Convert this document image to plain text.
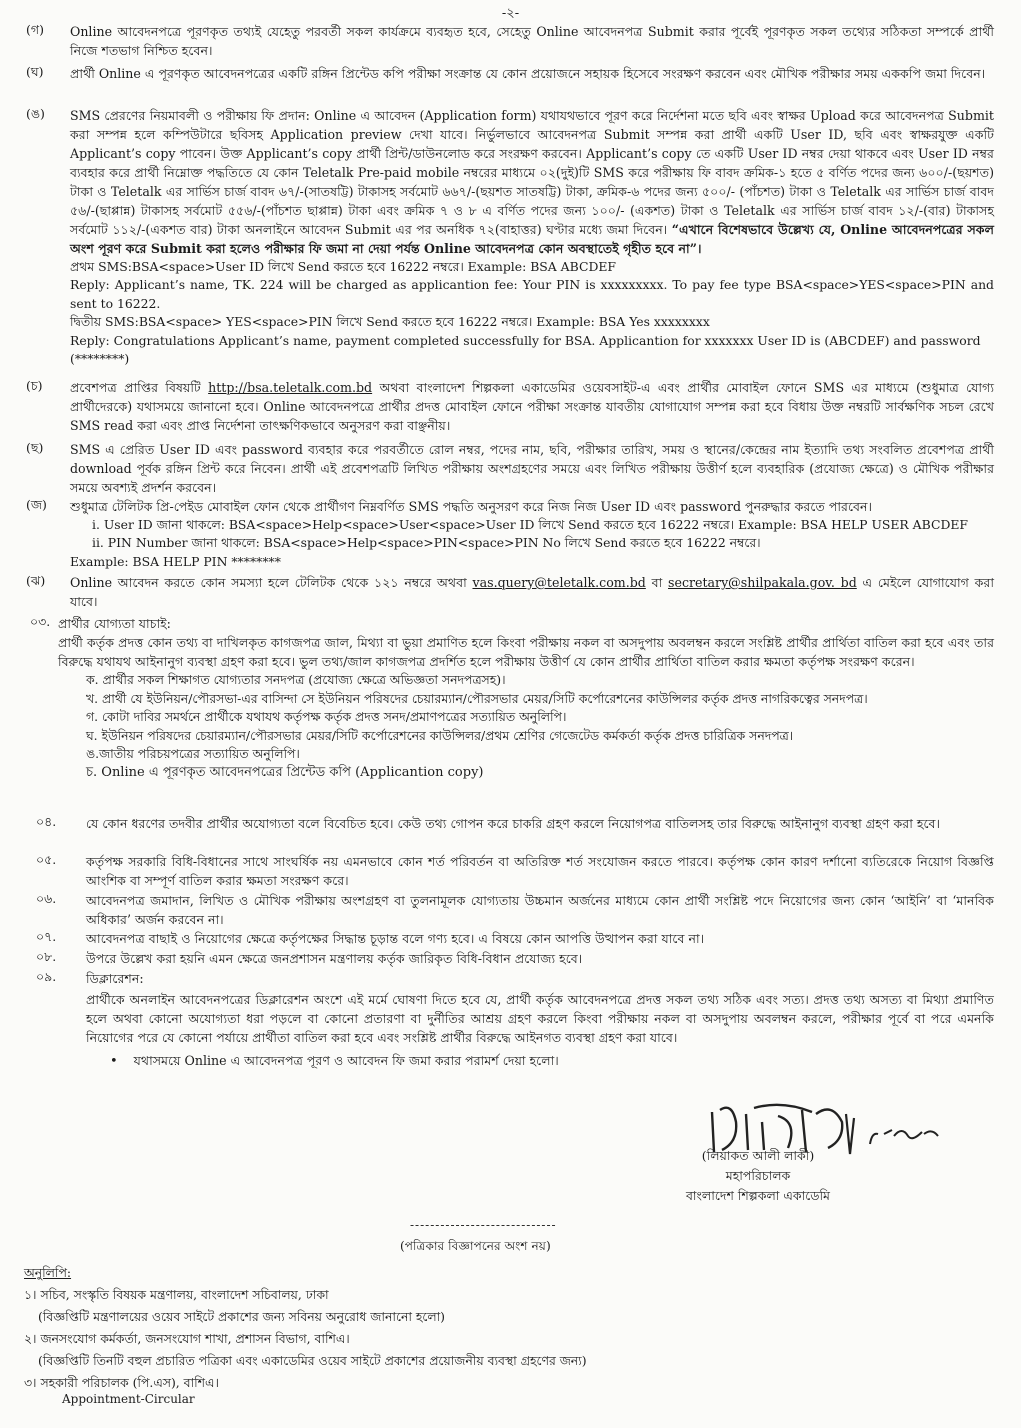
-২-
(গ)	Online আবেদনপত্রে পূরণকৃত তথ্যই যেহেতু পরবর্তী সকল কার্যক্রমে ব্যবহৃত হবে, সেহেতু Online আবেদনপত্র Submit করার পূর্বেই পূরণকৃত সকল তথ্যের সঠিকতা সম্পর্কে প্রার্থী নিজে শতভাগ নিশ্চিত হবেন।
(ঘ)	প্রার্থী Online এ পূরণকৃত আবেদনপত্রের একটি রঙ্গিন প্রিন্টেড কপি পরীক্ষা সংক্রান্ত যে কোন প্রয়োজনে সহায়ক হিসেবে সংরক্ষণ করবেন এবং মৌখিক পরীক্ষার সময় এককপি জমা দিবেন।
(ঙ)	SMS প্রেরণের নিয়মাবলী ও পরীক্ষায় ফি প্রদান: Online এ আবেদন (Application form) যথাযথভাবে পূরণ করে নির্দেশনা মতে ছবি এবং স্বাক্ষর Upload করে আবেদনপত্র Submit করা সম্পন্ন হলে কম্পিউটারে ছবিসহ Application preview দেখা যাবে। নির্ভুলভাবে আবেদনপত্র Submit সম্পন্ন করা প্রার্থী একটি User ID, ছবি এবং স্বাক্ষরযুক্ত একটি Applicant’s copy পাবেন। উক্ত Applicant’s copy প্রার্থী প্রিন্ট/ডাউনলোড করে সংরক্ষণ করবেন। Applicant’s copy তে একটি User ID নম্বর দেয়া থাকবে এবং User ID নম্বর ব্যবহার করে প্রার্থী নিম্নোক্ত পদ্ধতিতে যে কোন Teletalk Pre-paid mobile নম্বরের মাধ্যমে ০২(দুই)টি SMS করে পরীক্ষায় ফি বাবদ ক্রমিক-১ হতে ৫ বর্ণিত পদের জন্য ৬০০/-(ছয়শত) টাকা ও Teletalk এর সার্ভিস চার্জ বাবদ ৬৭/-(সাতষট্টি) টাকাসহ সর্বমোট ৬৬৭/-(ছয়শত সাতষট্টি) টাকা, ক্রমিক-৬ পদের জন্য ৫০০/- (পাঁচশত) টাকা ও Teletalk এর সার্ভিস চার্জ বাবদ ৫৬/-(ছাপ্পান্ন) টাকাসহ সর্বমোট ৫৫৬/-(পাঁচশত ছাপ্পান্ন) টাকা এবং ক্রমিক ৭ ও ৮ এ বর্ণিত পদের জন্য ১০০/- (একশত) টাকা ও Teletalk এর সার্ভিস চার্জ বাবদ ১২/-(বার) টাকাসহ সর্বমোট ১১২/-(একশত বার) টাকা অনলাইনে আবেদন Submit এর পর অনধিক ৭২(বাহাত্তর) ঘণ্টার মধ্যে জমা দিবেন। “এখানে বিশেষভাবে উল্লেখ্য যে, Online আবেদনপত্রের সকল অংশ পূরণ করে Submit করা হলেও পরীক্ষার ফি জমা না দেয়া পর্যন্ত Online আবেদনপত্র কোন অবস্থাতেই গৃহীত হবে না”।
প্রথম SMS:BSA<space>User ID লিখে Send করতে হবে 16222 নম্বরে। Example: BSA ABCDEF
Reply: Applicant’s name, TK. 224 will be charged as applicantion fee: Your PIN is xxxxxxxxx. To pay fee type BSA<space>YES<space>PIN and sent to 16222.
দ্বিতীয় SMS:BSA<space> YES<space>PIN লিখে Send করতে হবে 16222 নম্বরে। Example: BSA Yes xxxxxxxx
Reply: Congratulations Applicant’s name, payment completed successfully for BSA. Applicantion for xxxxxxx User ID is (ABCDEF) and password (********)
(চ)	প্রবেশপত্র প্রাপ্তির বিষয়টি http://bsa.teletalk.com.bd অথবা বাংলাদেশ শিল্পকলা একাডেমির ওয়েবসাইট-এ এবং প্রার্থীর মোবাইল ফোনে SMS এর মাধ্যমে (শুধুমাত্র যোগ্য প্রার্থীদেরকে) যথাসময়ে জানানো হবে। Online আবেদনপত্রে প্রার্থীর প্রদত্ত মোবাইল ফোনে পরীক্ষা সংক্রান্ত যাবতীয় যোগাযোগ সম্পন্ন করা হবে বিধায় উক্ত নম্বরটি সার্বক্ষণিক সচল রেখে SMS read করা এবং প্রাপ্ত নির্দেশনা তাৎক্ষণিকভাবে অনুসরণ করা বাঞ্ছনীয়।
(ছ)	SMS এ প্রেরিত User ID এবং password ব্যবহার করে পরবর্তীতে রোল নম্বর, পদের নাম, ছবি, পরীক্ষার তারিখ, সময় ও স্থানের/কেন্দ্রের নাম ইত্যাদি তথ্য সংবলিত প্রবেশপত্র প্রার্থী download পূর্বক রঙ্গিন প্রিন্ট করে নিবেন। প্রার্থী এই প্রবেশপত্রটি লিখিত পরীক্ষায় অংশগ্রহণের সময়ে এবং লিখিত পরীক্ষায় উত্তীর্ণ হলে ব্যবহারিক (প্রযোজ্য ক্ষেত্রে) ও মৌখিক পরীক্ষার সময়ে অবশ্যই প্রদর্শন করবেন।
(জ)	শুধুমাত্র টেলিটক প্রি-পেইড মোবাইল ফোন থেকে প্রার্থীগণ নিম্নবর্ণিত SMS পদ্ধতি অনুসরণ করে নিজ নিজ User ID এবং password পুনরুদ্ধার করতে পারবেন।
i. User ID জানা থাকলে: BSA<space>Help<space>User<space>User ID লিখে Send করতে হবে 16222 নম্বরে। Example: BSA HELP USER ABCDEF
ii. PIN Number জানা থাকলে: BSA<space>Help<space>PIN<space>PIN No লিখে Send করতে হবে 16222 নম্বরে।
Example: BSA HELP PIN ********
(ঝ)	Online আবেদন করতে কোন সমস্যা হলে টেলিটক থেকে ১২১ নম্বরে অথবা vas.query@teletalk.com.bd বা secretary@shilpakala.gov. bd এ মেইলে যোগাযোগ করা যাবে।
০৩. প্রার্থীর যোগ্যতা যাচাই:
প্রার্থী কর্তৃক প্রদত্ত কোন তথ্য বা দাখিলকৃত কাগজপত্র জাল, মিথ্যা বা ভুয়া প্রমাণিত হলে কিংবা পরীক্ষায় নকল বা অসদুপায় অবলম্বন করলে সংশ্লিষ্ট প্রার্থীর প্রার্থিতা বাতিল করা হবে এবং তার বিরুদ্ধে যথাযথ আইনানুগ ব্যবস্থা গ্রহণ করা হবে। ভুল তথ্য/জাল কাগজপত্র প্রদর্শিত হলে পরীক্ষায় উত্তীর্ণ যে কোন প্রার্থীর প্রার্থিতা বাতিল করার ক্ষমতা কর্তৃপক্ষ সংরক্ষণ করেন।
ক. প্রার্থীর সকল শিক্ষাগত যোগ্যতার সনদপত্র (প্রযোজ্য ক্ষেত্রে অভিজ্ঞতা সনদপত্রসহ)।
খ. প্রার্থী যে ইউনিয়ন/পৌরসভা-এর বাসিন্দা সে ইউনিয়ন পরিষদের চেয়ারম্যান/পৌরসভার মেয়র/সিটি কর্পোরেশনের কাউন্সিলর কর্তৃক প্রদত্ত নাগরিকত্বের সনদপত্র।
গ. কোটা দাবির সমর্থনে প্রার্থীকে যথাযথ কর্তৃপক্ষ কর্তৃক প্রদত্ত সনদ/প্রমাণপত্রের সত্যায়িত অনুলিপি।
ঘ. ইউনিয়ন পরিষদের চেয়ারম্যান/পৌরসভার মেয়র/সিটি কর্পোরেশনের কাউন্সিলর/প্রথম শ্রেণির গেজেটেড কর্মকর্তা কর্তৃক প্রদত্ত চারিত্রিক সনদপত্র।
ঙ.জাতীয় পরিচয়পত্রের সত্যায়িত অনুলিপি।
চ. Online এ পূরণকৃত আবেদনপত্রের প্রিন্টেড কপি (Applicantion copy)
০৪.	যে কোন ধরণের তদবীর প্রার্থীর অযোগ্যতা বলে বিবেচিত হবে। কেউ তথ্য গোপন করে চাকরি গ্রহণ করলে নিয়োগপত্র বাতিলসহ তার বিরুদ্ধে আইনানুগ ব্যবস্থা গ্রহণ করা হবে।
০৫.	কর্তৃপক্ষ সরকারি বিধি-বিধানের সাথে সাংঘর্ষিক নয় এমনভাবে কোন শর্ত পরিবর্তন বা অতিরিক্ত শর্ত সংযোজন করতে পারবে। কর্তৃপক্ষ কোন কারণ দর্শানো ব্যতিরেকে নিয়োগ বিজ্ঞপ্তি আংশিক বা সম্পূর্ণ বাতিল করার ক্ষমতা সংরক্ষণ করে।
০৬.	আবেদনপত্র জমাদান, লিখিত ও মৌখিক পরীক্ষায় অংশগ্রহণ বা তুলনামূলক যোগ্যতায় উচ্চমান অর্জনের মাধ্যমে কোন প্রার্থী সংশ্লিষ্ট পদে নিয়োগের জন্য কোন ‘আইনি’ বা ‘মানবিক অধিকার’ অর্জন করবেন না।
০৭.	আবেদনপত্র বাছাই ও নিয়োগের ক্ষেত্রে কর্তৃপক্ষের সিদ্ধান্ত চূড়ান্ত বলে গণ্য হবে। এ বিষয়ে কোন আপত্তি উত্থাপন করা যাবে না।
০৮.	উপরে উল্লেখ করা হয়নি এমন ক্ষেত্রে জনপ্রশাসন মন্ত্রণালয় কর্তৃক জারিকৃত বিধি-বিধান প্রযোজ্য হবে।
০৯.	ডিক্লারেশন:
প্রার্থীকে অনলাইন আবেদনপত্রের ডিক্লারেশন অংশে এই মর্মে ঘোষণা দিতে হবে যে, প্রার্থী কর্তৃক আবেদনপত্রে প্রদত্ত সকল তথ্য সঠিক এবং সত্য। প্রদত্ত তথ্য অসত্য বা মিথ্যা প্রমাণিত হলে অথবা কোনো অযোগ্যতা ধরা পড়লে বা কোনো প্রতারণা বা দুর্নীতির আশ্রয় গ্রহণ করলে কিংবা পরীক্ষায় নকল বা অসদুপায় অবলম্বন করলে, পরীক্ষার পূর্বে বা পরে এমনকি নিয়োগের পরে যে কোনো পর্যায়ে প্রার্থীতা বাতিল করা হবে এবং সংশ্লিষ্ট প্রার্থীর বিরুদ্ধে আইনগত ব্যবস্থা গ্রহণ করা যাবে।
• যথাসময়ে Online এ আবেদনপত্র পূরণ ও আবেদন ফি জমা করার পরামর্শ দেয়া হলো।
(লিয়াকত আলী লাকী)
মহাপরিচালক
বাংলাদেশ শিল্পকলা একাডেমি
-----------------------------
(পত্রিকার বিজ্ঞাপনের অংশ নয়)
অনুলিপি:
১। সচিব, সংস্কৃতি বিষয়ক মন্ত্রণালয়, বাংলাদেশ সচিবালয়, ঢাকা
(বিজ্ঞপ্তিটি মন্ত্রণালয়ের ওয়েব সাইটে প্রকাশের জন্য সবিনয় অনুরোধ জানানো হলো)
২। জনসংযোগ কর্মকর্তা, জনসংযোগ শাখা, প্রশাসন বিভাগ, বাশিএ।
(বিজ্ঞপ্তিটি তিনটি বহুল প্রচারিত পত্রিকা এবং একাডেমির ওয়েব সাইটে প্রকাশের প্রয়োজনীয় ব্যবস্থা গ্রহণের জন্য)
৩। সহকারী পরিচালক (পি.এস), বাশিএ।
Appointment-Circular
